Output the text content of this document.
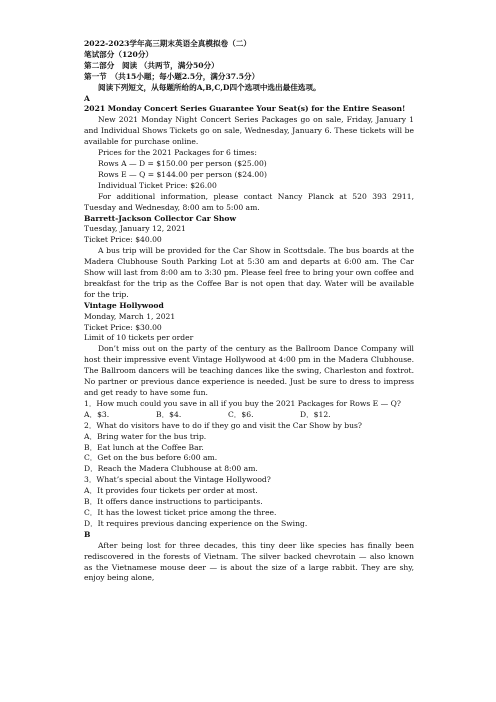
2022-2023学年高三期末英语全真模拟卷（二）
笔试部分（120分）
第二部分　阅读 （共两节，满分50分）
第一节　（共15小题；每小题2.5分，满分37.5分）
阅读下列短文，从每题所给的A,B,C,D四个选项中选出最佳选项。
A
2021 Monday Concert Series Guarantee Your Seat(s) for the Entire Season!
New 2021 Monday Night Concert Series Packages go on sale, Friday, January 1 and Individual Shows Tickets go on sale, Wednesday, January 6. These tickets will be available for purchase online.
Prices for the 2021 Packages for 6 times:
Rows A — D = $150.00 per person ($25.00)
Rows E — Q = $144.00 per person ($24.00)
Individual Ticket Price: $26.00
For additional information, please contact Nancy Planck at 520 393 2911, Tuesday and Wednesday, 8:00 am to 5:00 am.
Barrett-Jackson Collector Car Show
Tuesday, January 12, 2021
Ticket Price: $40.00
A bus trip will be provided for the Car Show in Scottsdale. The bus boards at the Madera Clubhouse South Parking Lot at 5:30 am and departs at 6:00 am. The Car Show will last from 8:00 am to 3:30 pm. Please feel free to bring your own coffee and breakfast for the trip as the Coffee Bar is not open that day. Water will be available for the trip.
Vintage Hollywood
Monday, March 1, 2021
Ticket Price: $30.00
Limit of 10 tickets per order
Don’t miss out on the party of the century as the Ballroom Dance Company will host their impressive event Vintage Hollywood at 4:00 pm in the Madera Clubhouse. The Ballroom dancers will be teaching dances like the swing, Charleston and foxtrot. No partner or previous dance experience is needed. Just be sure to dress to impress and get ready to have some fun.
1．How much could you save in all if you buy the 2021 Packages for Rows E — Q?
A．$3.	B．$4.	C．$6.	D．$12.
2．What do visitors have to do if they go and visit the Car Show by bus?
A．Bring water for the bus trip.
B．Eat lunch at the Coffee Bar.
C．Get on the bus before 6:00 am.
D．Reach the Madera Clubhouse at 8:00 am.
3．What’s special about the Vintage Hollywood?
A．It provides four tickets per order at most.
B．It offers dance instructions to participants.
C．It has the lowest ticket price among the three.
D．It requires previous dancing experience on the Swing.
B
After being lost for three decades, this tiny deer like species has finally been rediscovered in the forests of Vietnam. The silver backed chevrotain — also known as the Vietnamese mouse deer — is about the size of a large rabbit. They are shy, enjoy being alone,
